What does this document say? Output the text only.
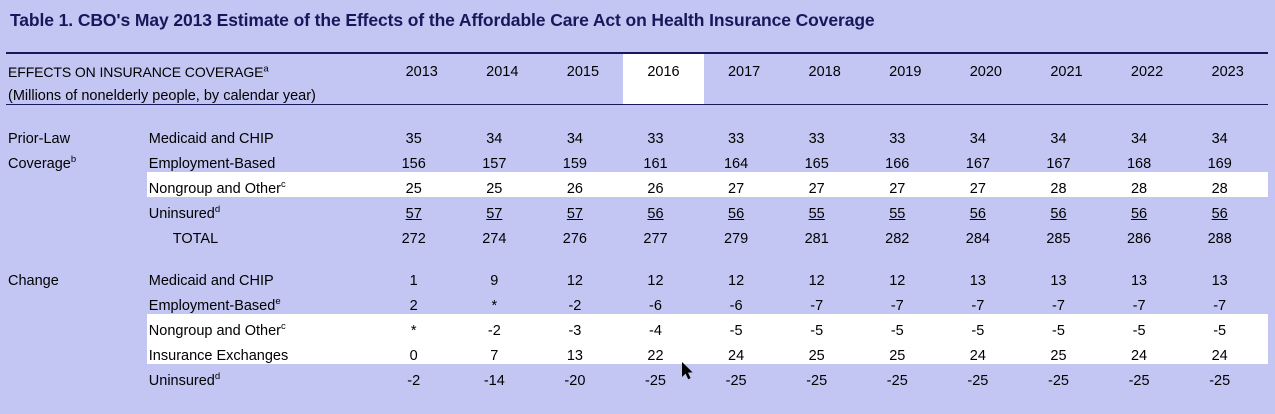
Table 1. CBO's May 2013 Estimate of the Effects of the Affordable Care Act on Health Insurance Coverage
EFFECTS ON INSURANCE COVERAGE$^a$		2013	2014	2015	2016	2017	2018	2019	2020	2021	2022	2023
(Millions of nonelderly people, by calendar year)												

Prior-Law	Medicaid and CHIP	35	34	34	33	33	33	33	34	34	34	34
Coverage$^b$	Employment-Based	156	157	159	161	164	165	166	167	167	168	169
	Nongroup and Other$^c$	25	25	26	26	27	27	27	27	28	28	28
	Uninsured$^d$	57	57	57	56	56	55	55	56	56	56	56
	TOTAL	272	274	276	277	279	281	282	284	285	286	288

Change	Medicaid and CHIP	1	9	12	12	12	12	12	13	13	13	13
	Employment-Based$^e$	2	*	-2	-6	-6	-7	-7	-7	-7	-7	-7
	Nongroup and Other$^c$	*	-2	-3	-4	-5	-5	-5	-5	-5	-5	-5
	Insurance Exchanges	0	7	13	22	24	25	25	24	25	24	24
	Uninsured$^d$	-2	-14	-20	-25	-25	-25	-25	-25	-25	-25	-25
